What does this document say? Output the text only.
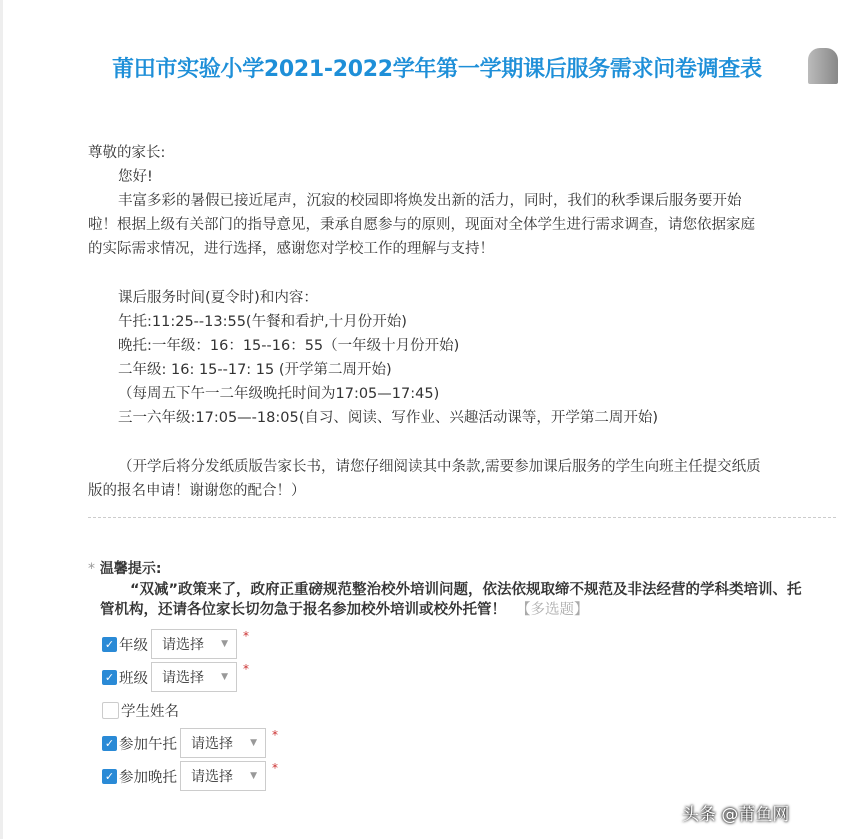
莆田市实验小学2021-2022学年第一学期课后服务需求问卷调查表
尊敬的家长:
您好!
丰富多彩的暑假已接近尾声，沉寂的校园即将焕发出新的活力，同时，我们的秋季课后服务要开始
啦！根据上级有关部门的指导意见，秉承自愿参与的原则，现面对全体学生进行需求调查，请您依据家庭
的实际需求情况，进行选择，感谢您对学校工作的理解与支持！
课后服务时间(夏令时)和内容：
午托:11:25--13:55(午餐和看护,十月份开始)
晚托:一年级：16：15--16：55（一年级十月份开始)
二年级: 16: 15--17: 15 (开学第二周开始)
（每周五下午一二年级晚托时间为17:05—17:45)
三一六年级:17:05—-18:05(自习、阅读、写作业、兴趣活动课等，开学第二周开始)
（开学后将分发纸质版告家长书，请您仔细阅读其中条款,需要参加课后服务的学生向班主任提交纸质
版的报名申请！谢谢您的配合！）
* 温馨提示:
“双减”政策来了，政府正重磅规范整治校外培训问题，依法依规取缔不规范及非法经营的学科类培训、托
管机构，还请各位家长切勿急于报名参加校外培训或校外托管！ 【多选题】
✓ 年级 请选择 ▼
*
✓ 班级 请选择 ▼
*
学生姓名
✓ 参加午托 请选择 ▼
*
✓ 参加晚托 请选择 ▼
*
头条 @莆鱼网
